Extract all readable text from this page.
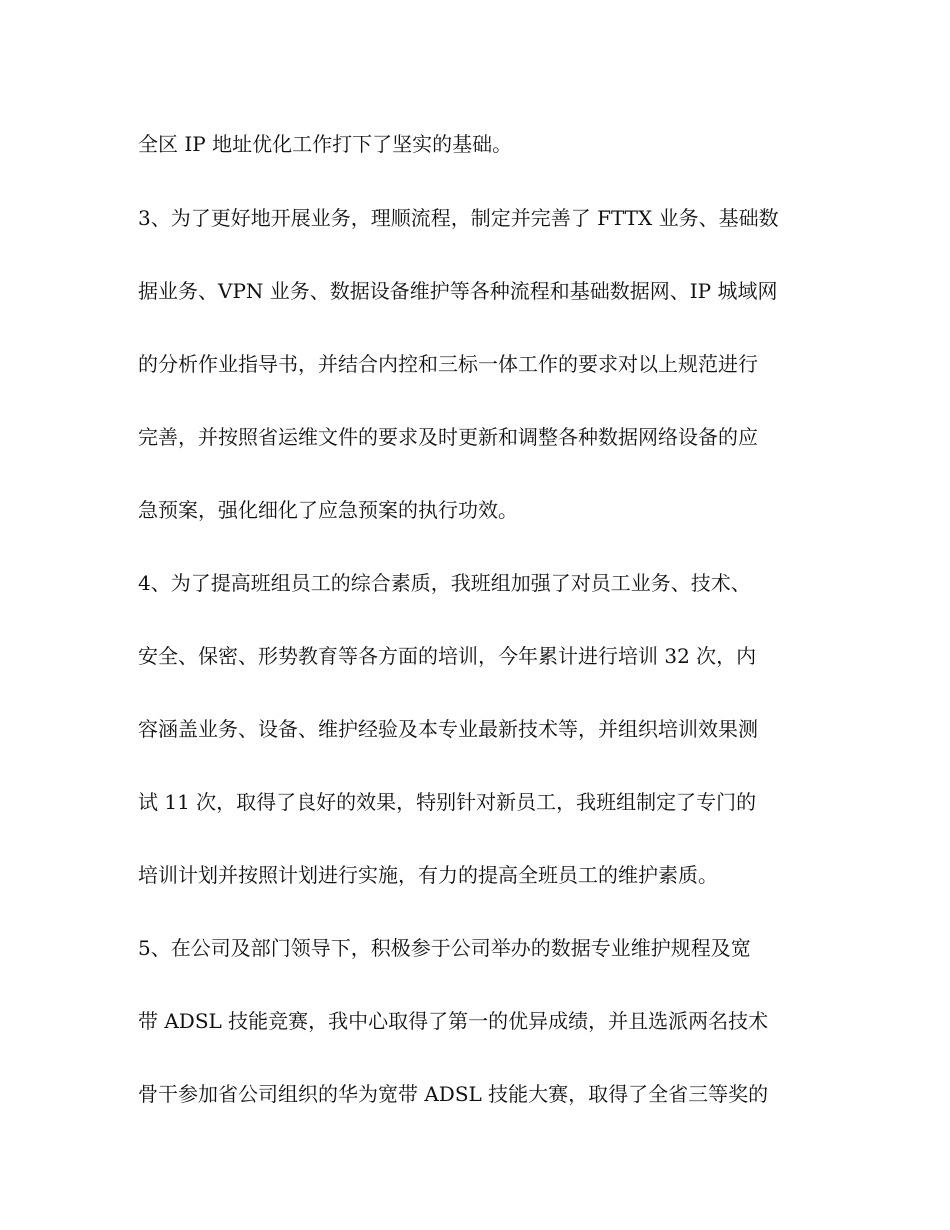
全区 IP 地址优化工作打下了坚实的基础。
3、为了更好地开展业务，理顺流程，制定并完善了 FTTX 业务、基础数
据业务、VPN 业务、数据设备维护等各种流程和基础数据网、IP 城域网
的分析作业指导书，并结合内控和三标一体工作的要求对以上规范进行
完善，并按照省运维文件的要求及时更新和调整各种数据网络设备的应
急预案，强化细化了应急预案的执行功效。
4、为了提高班组员工的综合素质，我班组加强了对员工业务、技术、
安全、保密、形势教育等各方面的培训，今年累计进行培训 32 次，内
容涵盖业务、设备、维护经验及本专业最新技术等，并组织培训效果测
试 11 次，取得了良好的效果，特别针对新员工，我班组制定了专门的
培训计划并按照计划进行实施，有力的提高全班员工的维护素质。
5、在公司及部门领导下，积极参于公司举办的数据专业维护规程及宽
带 ADSL 技能竞赛，我中心取得了第一的优异成绩，并且选派两名技术
骨干参加省公司组织的华为宽带 ADSL 技能大赛，取得了全省三等奖的
